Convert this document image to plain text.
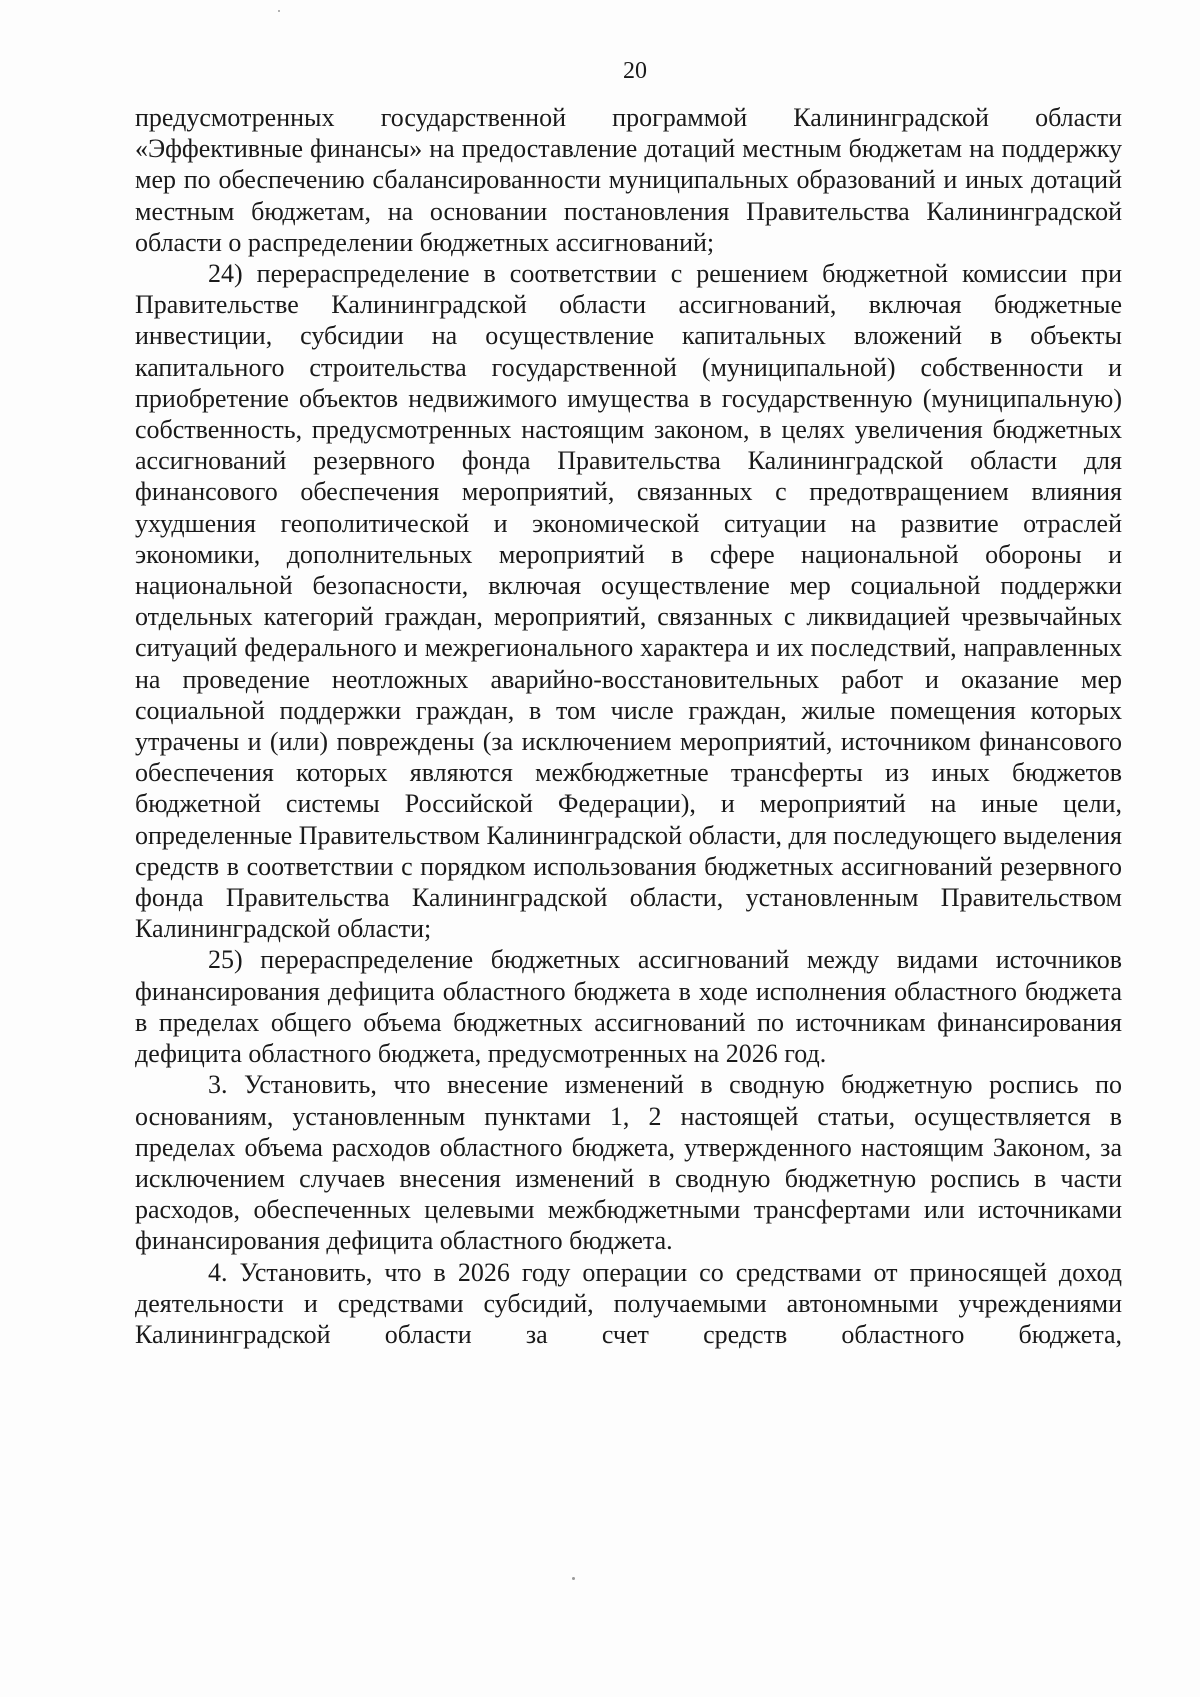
20

предусмотренных государственной программой Калининградской области «Эффективные финансы» на предоставление дотаций местным бюджетам на поддержку мер по обеспечению сбалансированности муниципальных образований и иных дотаций местным бюджетам, на основании постановления Правительства Калининградской области о распределении бюджетных ассигнований;

24) перераспределение в соответствии с решением бюджетной комиссии при Правительстве Калининградской области ассигнований, включая бюджетные инвестиции, субсидии на осуществление капитальных вложений в объекты капитального строительства государственной (муниципальной) собственности и приобретение объектов недвижимого имущества в государственную (муниципальную) собственность, предусмотренных настоящим законом, в целях увеличения бюджетных ассигнований резервного фонда Правительства Калининградской области для финансового обеспечения мероприятий, связанных с предотвращением влияния ухудшения геополитической и экономической ситуации на развитие отраслей экономики, дополнительных мероприятий в сфере национальной обороны и национальной безопасности, включая осуществление мер социальной поддержки отдельных категорий граждан, мероприятий, связанных с ликвидацией чрезвычайных ситуаций федерального и межрегионального характера и их последствий, направленных на проведение неотложных аварийно-восстановительных работ и оказание мер социальной поддержки граждан, в том числе граждан, жилые помещения которых утрачены и (или) повреждены (за исключением мероприятий, источником финансового обеспечения которых являются межбюджетные трансферты из иных бюджетов бюджетной системы Российской Федерации), и мероприятий на иные цели, определенные Правительством Калининградской области, для последующего выделения средств в соответствии с порядком использования бюджетных ассигнований резервного фонда Правительства Калининградской области, установленным Правительством Калининградской области;

25) перераспределение бюджетных ассигнований между видами источников финансирования дефицита областного бюджета в ходе исполнения областного бюджета в пределах общего объема бюджетных ассигнований по источникам финансирования дефицита областного бюджета, предусмотренных на 2026 год.

3. Установить, что внесение изменений в сводную бюджетную роспись по основаниям, установленным пунктами 1, 2 настоящей статьи, осуществляется в пределах объема расходов областного бюджета, утвержденного настоящим Законом, за исключением случаев внесения изменений в сводную бюджетную роспись в части расходов, обеспеченных целевыми межбюджетными трансфертами или источниками финансирования дефицита областного бюджета.

4. Установить, что в 2026 году операции со средствами от приносящей доход деятельности и средствами субсидий, получаемыми автономными учреждениями Калининградской области за счет средств областного бюджета,
